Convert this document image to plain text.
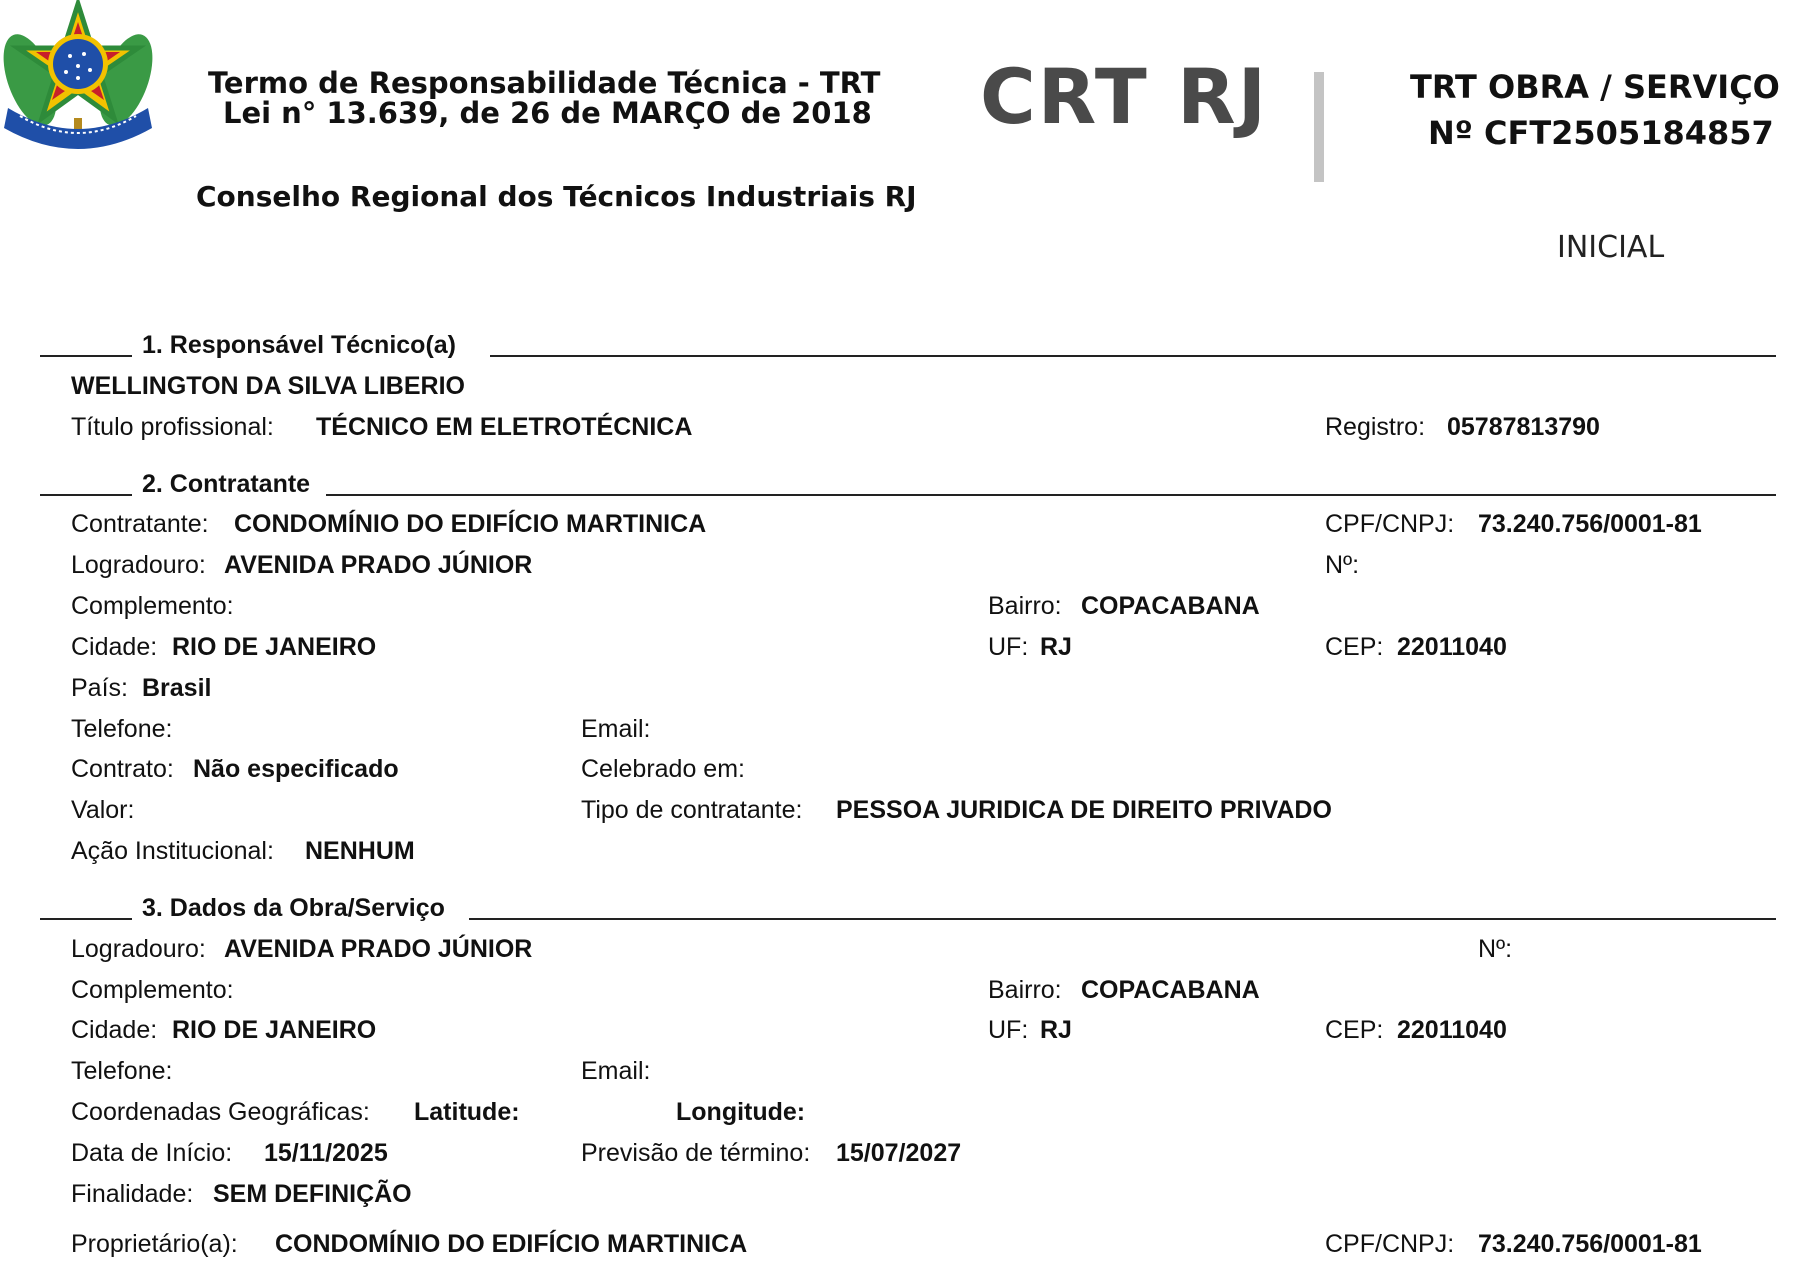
Termo de Responsabilidade Técnica - TRT
Lei n° 13.639, de 26 de MARÇO de 2018 CRT RJ	TRT OBRA / SERVIÇO
Nº CFT2505184857
Conselho Regional dos Técnicos Industriais RJ
INICIAL
1. Responsável Técnico(a)
WELLINGTON DA SILVA LIBERIO
Título profissional: TÉCNICO EM ELETROTÉCNICA	Registro: 05787813790
2. Contratante
Contratante: CONDOMÍNIO DO EDIFÍCIO MARTINICA	CPF/CNPJ: 73.240.756/0001-81
Logradouro: AVENIDA PRADO JÚNIOR	Nº:
Complemento:	Bairro: COPACABANA
Cidade: RIO DE JANEIRO	UF: RJ	CEP: 22011040
País: Brasil
Telefone:	Email:
Contrato: Não especificado	Celebrado em:
Valor:	Tipo de contratante: PESSOA JURIDICA DE DIREITO PRIVADO
Ação Institucional: NENHUM
3. Dados da Obra/Serviço
Logradouro: AVENIDA PRADO JÚNIOR	Nº:
Complemento:	Bairro: COPACABANA
Cidade: RIO DE JANEIRO	UF: RJ	CEP: 22011040
Telefone:	Email:
Coordenadas Geográficas: Latitude:	Longitude:
Data de Início: 15/11/2025	Previsão de término: 15/07/2027
Finalidade: SEM DEFINIÇÃO
Proprietário(a): CONDOMÍNIO DO EDIFÍCIO MARTINICA	CPF/CNPJ: 73.240.756/0001-81
